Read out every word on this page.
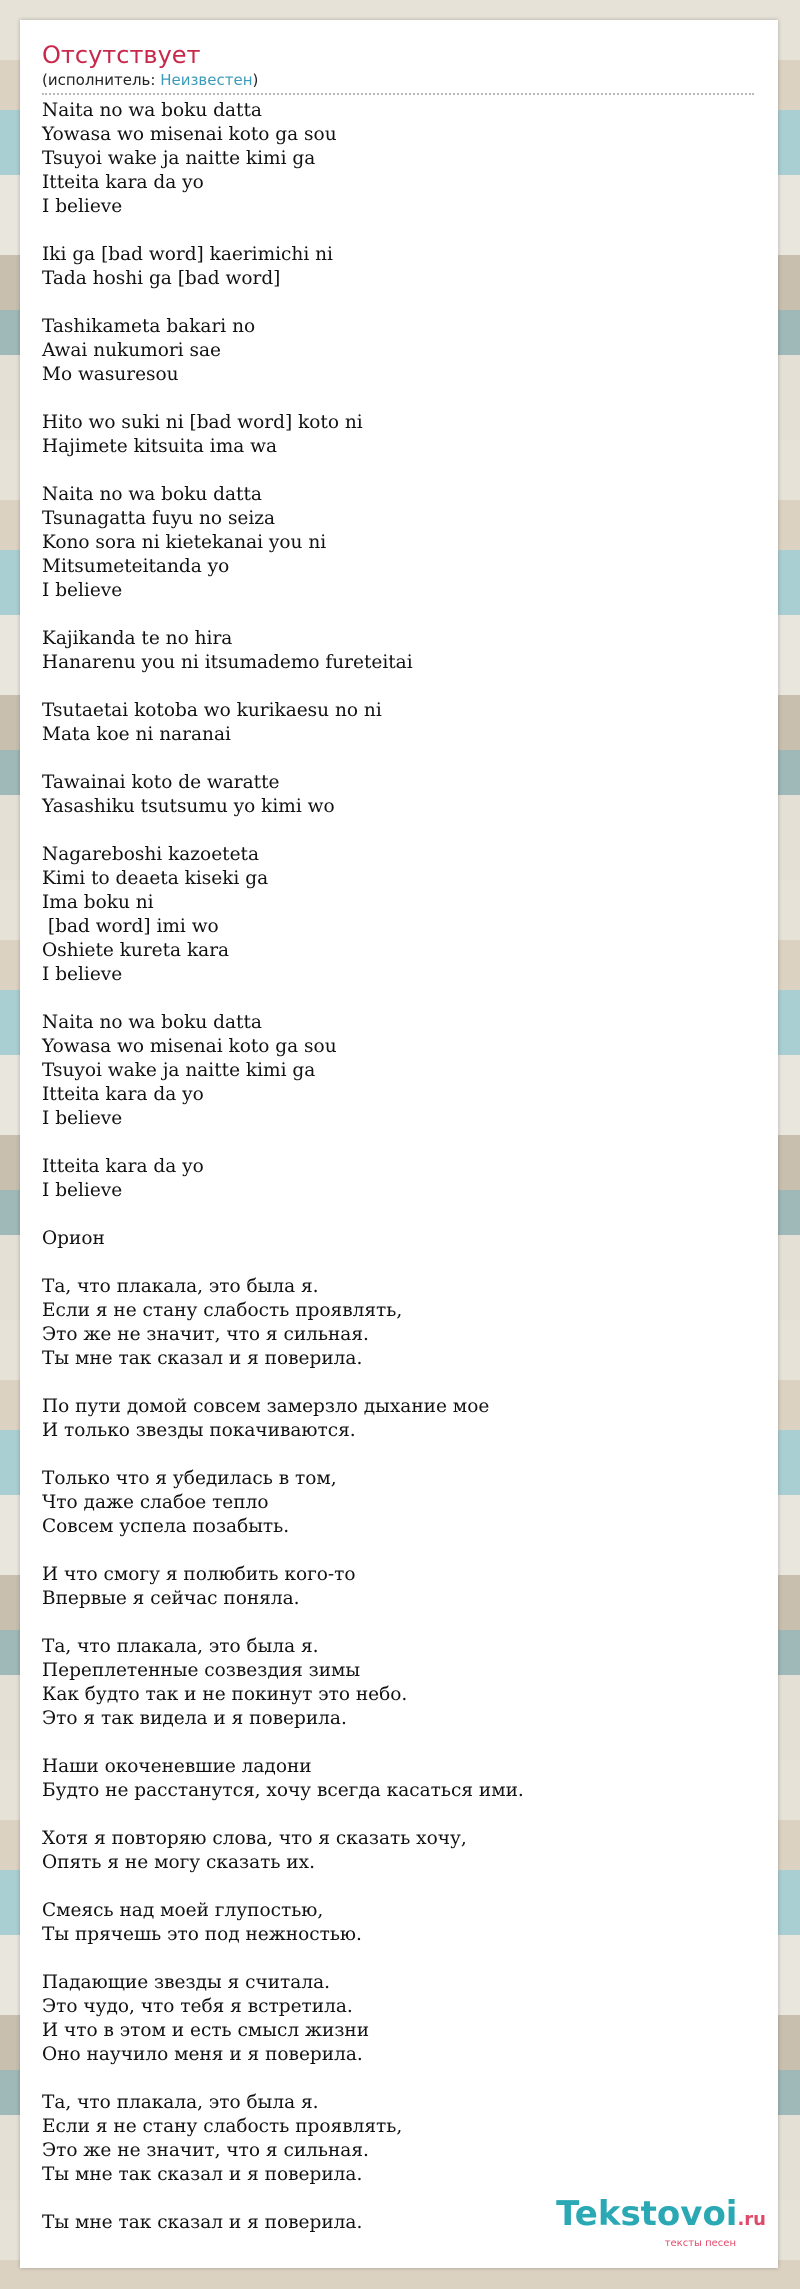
Отсутствует
(исполнитель: Неизвестен)
Naita no wa boku datta
Yowasa wo misenai koto ga sou
Tsuyoi wake ja naitte kimi ga
Itteita kara da yo
I believe
Iki ga [bad word] kaerimichi ni
Tada hoshi ga [bad word]
Tashikameta bakari no
Awai nukumori sae
Mo wasuresou
Hito wo suki ni [bad word] koto ni
Hajimete kitsuita ima wa
Naita no wa boku datta
Tsunagatta fuyu no seiza
Kono sora ni kietekanai you ni
Mitsumeteitanda yo
I believe
Kajikanda te no hira
Hanarenu you ni itsumademo fureteitai
Tsutaetai kotoba wo kurikaesu no ni
Mata koe ni naranai
Tawainai koto de waratte
Yasashiku tsutsumu yo kimi wo
Nagareboshi kazoeteta
Kimi to deaeta kiseki ga
Ima boku ni
[bad word] imi wo
Oshiete kureta kara
I believe
Naita no wa boku datta
Yowasa wo misenai koto ga sou
Tsuyoi wake ja naitte kimi ga
Itteita kara da yo
I believe
Itteita kara da yo
I believe
Орион
Та, что плакала, это была я.
Если я не стану слабость проявлять,
Это же не значит, что я сильная.
Ты мне так сказал и я поверила.
По пути домой совсем замерзло дыхание мое
И только звезды покачиваются.
Только что я убедилась в том,
Что даже слабое тепло
Совсем успела позабыть.
И что смогу я полюбить кого-то
Впервые я сейчас поняла.
Та, что плакала, это была я.
Переплетенные созвездия зимы
Как будто так и не покинут это небо.
Это я так видела и я поверила.
Наши окоченевшие ладони
Будто не расстанутся, хочу всегда касаться ими.
Хотя я повторяю слова, что я сказать хочу,
Опять я не могу сказать их.
Смеясь над моей глупостью,
Ты прячешь это под нежностью.
Падающие звезды я считала.
Это чудо, что тебя я встретила.
И что в этом и есть смысл жизни
Оно научило меня и я поверила.
Та, что плакала, это была я.
Если я не стану слабость проявлять,
Это же не значит, что я сильная.
Ты мне так сказал и я поверила.
Ты мне так сказал и я поверила.	Tekstovoi.ru
тексты песен
